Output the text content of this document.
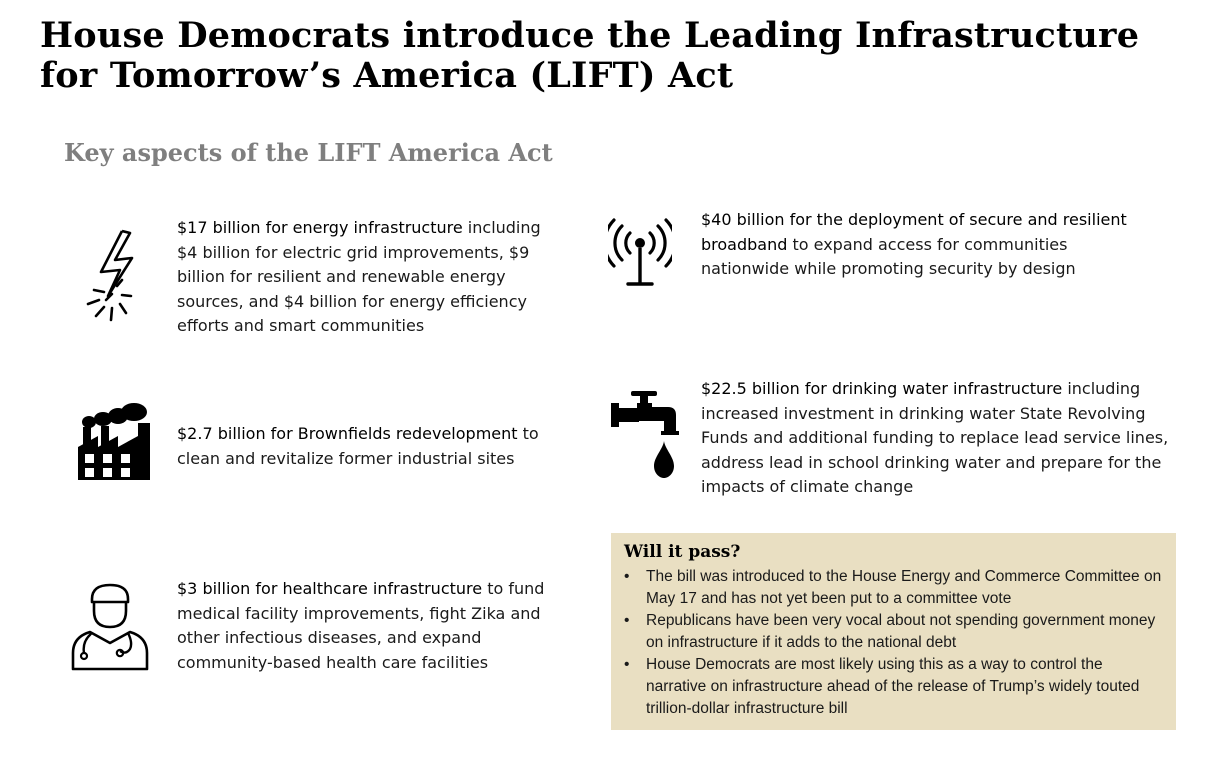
House Democrats introduce the Leading Infrastructure for Tomorrow’s America (LIFT) Act
Key aspects of the LIFT America Act

$17 billion for energy infrastructure including $4 billion for electric grid improvements, $9 billion for resilient and renewable energy sources, and $4 billion for energy efficiency efforts and smart communities

$40 billion for the deployment of secure and resilient broadband to expand access for communities nationwide while promoting security by design

$2.7 billion for Brownfields redevelopment to clean and revitalize former industrial sites

$22.5 billion for drinking water infrastructure including increased investment in drinking water State Revolving Funds and additional funding to replace lead service lines, address lead in school drinking water and prepare for the impacts of climate change

$3 billion for healthcare infrastructure to fund medical facility improvements, fight Zika and other infectious diseases, and expand community-based health care facilities

Will it pass?
• The bill was introduced to the House Energy and Commerce Committee on May 17 and has not yet been put to a committee vote
• Republicans have been very vocal about not spending government money on infrastructure if it adds to the national debt
• House Democrats are most likely using this as a way to control the narrative on infrastructure ahead of the release of Trump’s widely touted trillion-dollar infrastructure bill
